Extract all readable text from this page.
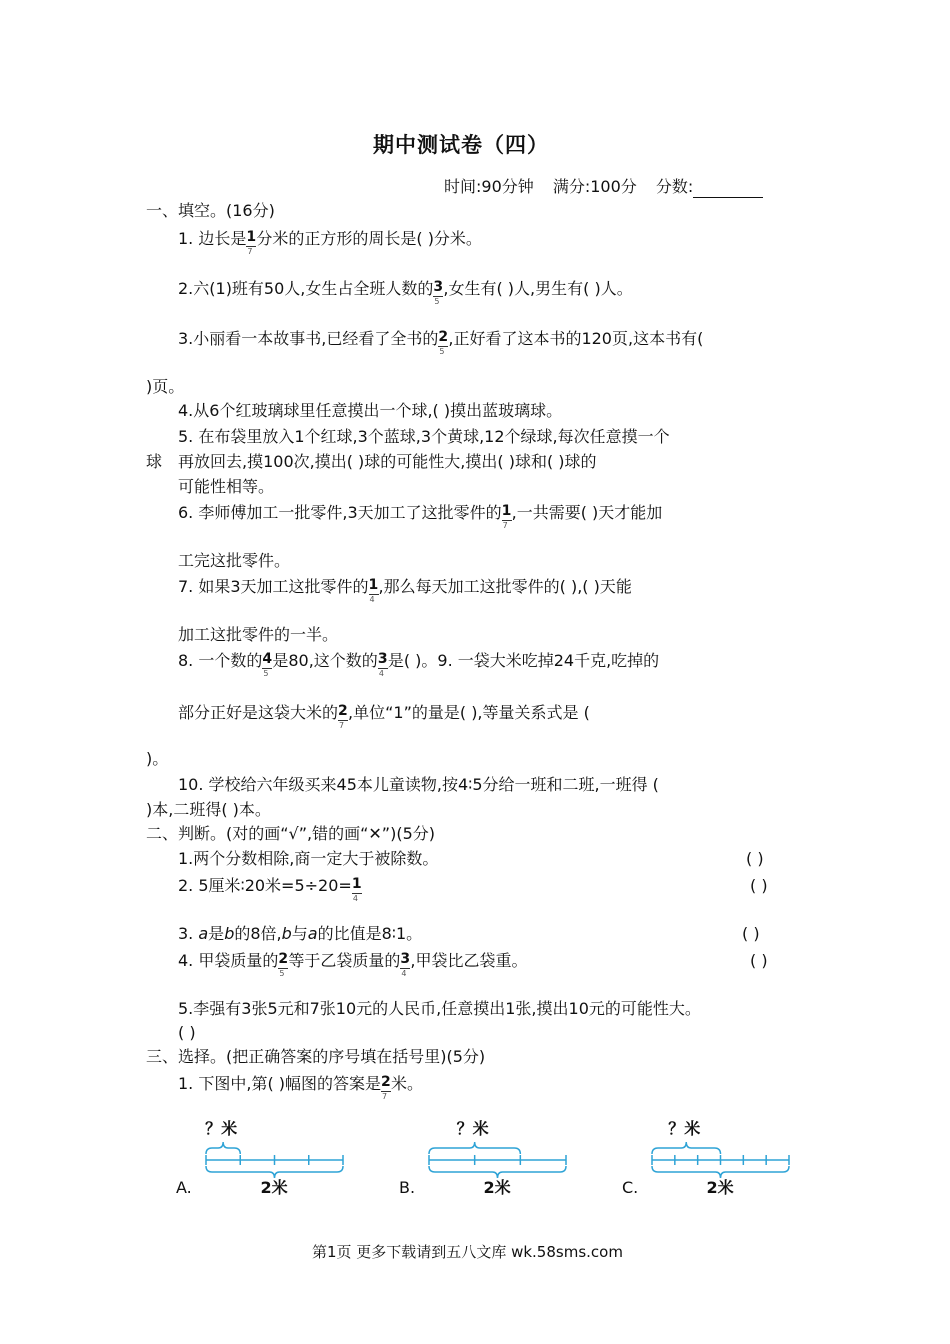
期中测试卷（四）
时间:90分钟 满分:100分 分数:
一、填空。(16分)
1. 边长是 $\frac{1}{7}$ 分米的正方形的周长是( )分米。
2.六(1)班有50人,女生占全班人数的 $\frac{3}{5}$ ,女生有( )人,男生有( )人。
3.小丽看一本故事书,已经看了全书的 $\frac{2}{5}$ ,正好看了这本书的120页,这本书有(
)页。
4.从6个红玻璃球里任意摸出一个球,( )摸出蓝玻璃球。
5. 在布袋里放入1个红球,3个蓝球,3个黄球,12个绿球,每次任意摸一个
球 再放回去,摸100次,摸出( )球的可能性大,摸出( )球和( )球的
可能性相等。
6. 李师傅加工一批零件,3天加工了这批零件的 $\frac{1}{7}$ ,一共需要( )天才能加
工完这批零件。
7. 如果3天加工这批零件的 $\frac{1}{4}$ ,那么每天加工这批零件的( ),( )天能
加工这批零件的一半。
8. 一个数的 $\frac{4}{5}$ 是80,这个数的 $\frac{3}{4}$ 是( )。9. 一袋大米吃掉24千克,吃掉的
部分正好是这袋大米的 $\frac{2}{7}$ ,单位“1”的量是( ),等量关系式是 (
)。
10. 学校给六年级买来45本儿童读物,按4∶5分给一班和二班,一班得 (
)本,二班得( )本。
二、判断。(对的画“√”,错的画“✕”)(5分)
1.两个分数相除,商一定大于被除数。	( )
2. 5厘米∶20米$=5\div 20= \frac{1}{4}$	( )
3. a是b的8倍,b与a的比值是8∶1。	( )
4. 甲袋质量的 $\frac{2}{5}$ 等于乙袋质量的 $\frac{3}{4}$ ,甲袋比乙袋重。	( )
5.李强有3张5元和7张10元的人民币,任意摸出1张,摸出10元的可能性大。
( )
三、选择。(把正确答案的序号填在括号里)(5分)
1. 下图中,第( )幅图的答案是 $\frac{2}{7}$ 米。
？米
2米
A.
？米
2米
B.
？米
2米
C.
第1页 更多下载请到五八文库 wk.58sms.com
